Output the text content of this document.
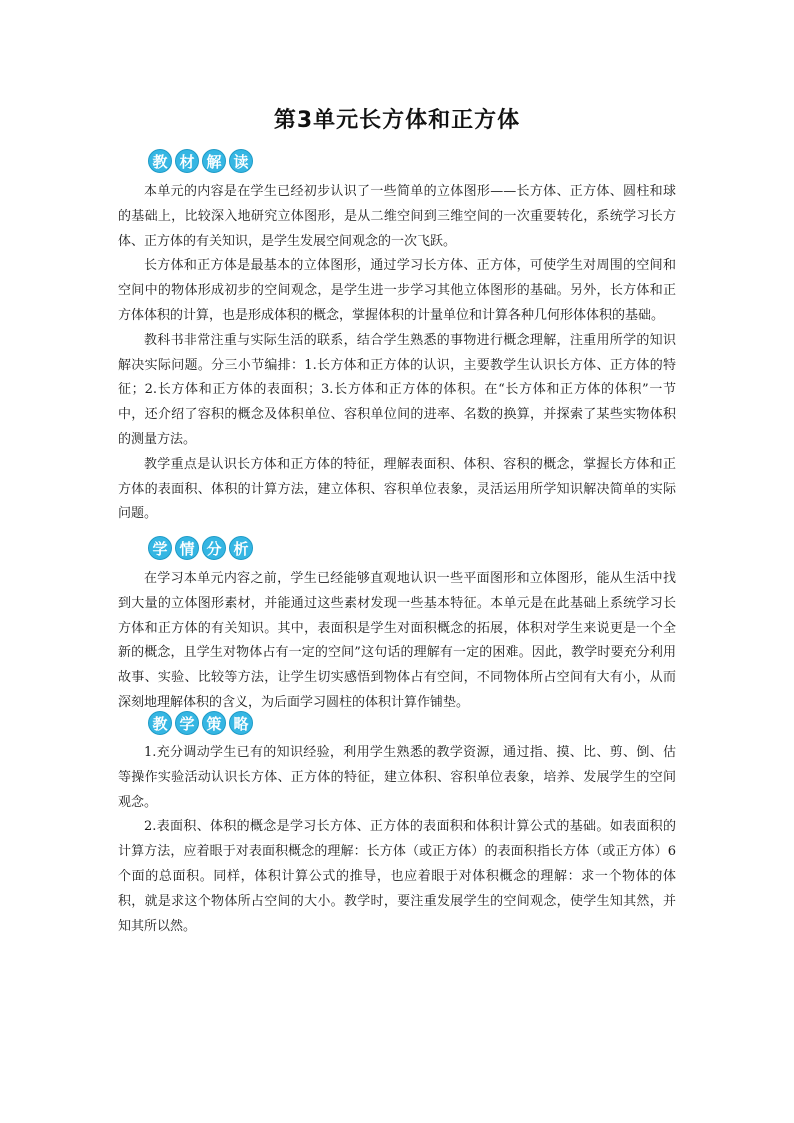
第3单元长方体和正方体
教 材 解 读

本单元的内容是在学生已经初步认识了一些简单的立体图形——长方体、正方体、圆柱和球的基础上，比较深入地研究立体图形，是从二维空间到三维空间的一次重要转化，系统学习长方体、正方体的有关知识，是学生发展空间观念的一次飞跃。

长方体和正方体是最基本的立体图形，通过学习长方体、正方体，可使学生对周围的空间和空间中的物体形成初步的空间观念，是学生进一步学习其他立体图形的基础。另外，长方体和正方体体积的计算，也是形成体积的概念，掌握体积的计量单位和计算各种几何形体体积的基础。

教科书非常注重与实际生活的联系，结合学生熟悉的事物进行概念理解，注重用所学的知识解决实际问题。分三小节编排：1.长方体和正方体的认识，主要教学生认识长方体、正方体的特征；2.长方体和正方体的表面积；3.长方体和正方体的体积。在“长方体和正方体的体积”一节中，还介绍了容积的概念及体积单位、容积单位间的进率、名数的换算，并探索了某些实物体积的测量方法。

教学重点是认识长方体和正方体的特征，理解表面积、体积、容积的概念，掌握长方体和正方体的表面积、体积的计算方法，建立体积、容积单位表象，灵活运用所学知识解决简单的实际问题。

学 情 分 析

在学习本单元内容之前，学生已经能够直观地认识一些平面图形和立体图形，能从生活中找到大量的立体图形素材，并能通过这些素材发现一些基本特征。本单元是在此基础上系统学习长方体和正方体的有关知识。其中，表面积是学生对面积概念的拓展，体积对学生来说更是一个全新的概念，且学生对物体占有一定的空间”这句话的理解有一定的困难。因此，教学时要充分利用故事、实验、比较等方法，让学生切实感悟到物体占有空间，不同物体所占空间有大有小，从而深刻地理解体积的含义，为后面学习圆柱的体积计算作铺垫。

教 学 策 略

1.充分调动学生已有的知识经验，利用学生熟悉的教学资源，通过指、摸、比、剪、倒、估等操作实验活动认识长方体、正方体的特征，建立体积、容积单位表象，培养、发展学生的空间观念。

2.表面积、体积的概念是学习长方体、正方体的表面积和体积计算公式的基础。如表面积的计算方法，应着眼于对表面积概念的理解：长方体（或正方体）的表面积指长方体（或正方体）6个面的总面积。同样，体积计算公式的推导，也应着眼于对体积概念的理解：求一个物体的体积，就是求这个物体所占空间的大小。教学时，要注重发展学生的空间观念，使学生知其然，并知其所以然。
